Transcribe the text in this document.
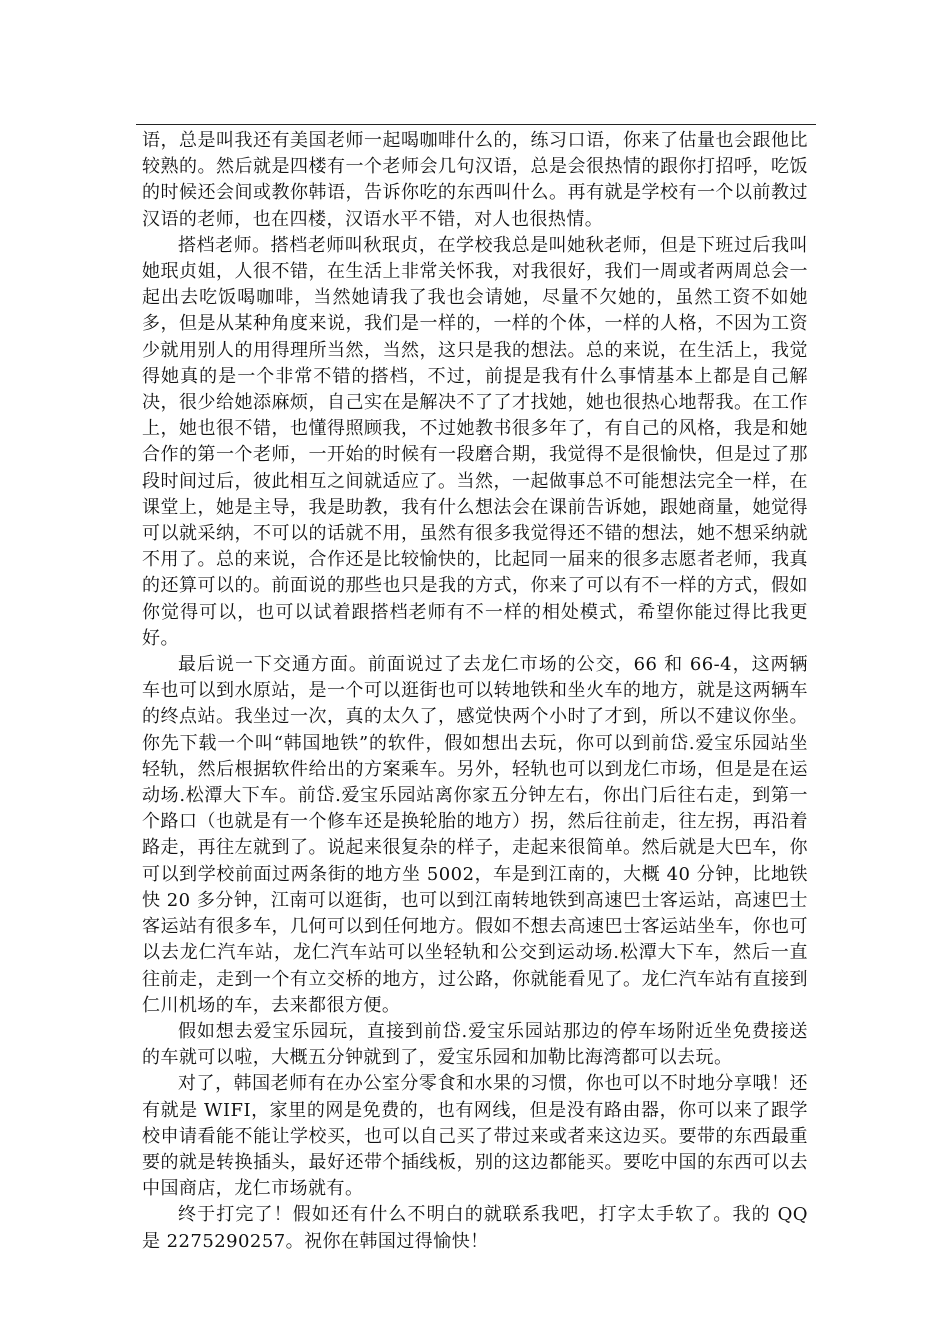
语，总是叫我还有美国老师一起喝咖啡什么的，练习口语，你来了估量也会跟他比较熟的。然后就是四楼有一个老师会几句汉语，总是会很热情的跟你打招呼，吃饭的时候还会间或教你韩语，告诉你吃的东西叫什么。再有就是学校有一个以前教过汉语的老师，也在四楼，汉语水平不错，对人也很热情。

搭档老师。搭档老师叫秋珉贞，在学校我总是叫她秋老师，但是下班过后我叫她珉贞姐，人很不错，在生活上非常关怀我，对我很好，我们一周或者两周总会一起出去吃饭喝咖啡，当然她请我了我也会请她，尽量不欠她的，虽然工资不如她多，但是从某种角度来说，我们是一样的，一样的个体，一样的人格，不因为工资少就用别人的用得理所当然，当然，这只是我的想法。总的来说，在生活上，我觉得她真的是一个非常不错的搭档，不过，前提是我有什么事情基本上都是自己解决，很少给她添麻烦，自己实在是解决不了了才找她，她也很热心地帮我。在工作上，她也很不错，也懂得照顾我，不过她教书很多年了，有自己的风格，我是和她合作的第一个老师，一开始的时候有一段磨合期，我觉得不是很愉快，但是过了那段时间过后，彼此相互之间就适应了。当然，一起做事总不可能想法完全一样，在课堂上，她是主导，我是助教，我有什么想法会在课前告诉她，跟她商量，她觉得可以就采纳，不可以的话就不用，虽然有很多我觉得还不错的想法，她不想采纳就不用了。总的来说，合作还是比较愉快的，比起同一届来的很多志愿者老师，我真的还算可以的。前面说的那些也只是我的方式，你来了可以有不一样的方式，假如你觉得可以，也可以试着跟搭档老师有不一样的相处模式，希望你能过得比我更好。

最后说一下交通方面。前面说过了去龙仁市场的公交，66 和 66-4，这两辆车也可以到水原站，是一个可以逛街也可以转地铁和坐火车的地方，就是这两辆车的终点站。我坐过一次，真的太久了，感觉快两个小时了才到，所以不建议你坐。你先下载一个叫“韩国地铁”的软件，假如想出去玩，你可以到前岱.爱宝乐园站坐轻轨，然后根据软件给出的方案乘车。另外，轻轨也可以到龙仁市场，但是是在运动场.松潭大下车。前岱.爱宝乐园站离你家五分钟左右，你出门后往右走，到第一个路口（也就是有一个修车还是换轮胎的地方）拐，然后往前走，往左拐，再沿着路走，再往左就到了。说起来很复杂的样子，走起来很简单。然后就是大巴车，你可以到学校前面过两条街的地方坐 5002，车是到江南的，大概 40 分钟，比地铁快 20 多分钟，江南可以逛街，也可以到江南转地铁到高速巴士客运站，高速巴士客运站有很多车，几何可以到任何地方。假如不想去高速巴士客运站坐车，你也可以去龙仁汽车站，龙仁汽车站可以坐轻轨和公交到运动场.松潭大下车，然后一直往前走，走到一个有立交桥的地方，过公路，你就能看见了。龙仁汽车站有直接到仁川机场的车，去来都很方便。

假如想去爱宝乐园玩，直接到前岱.爱宝乐园站那边的停车场附近坐免费接送的车就可以啦，大概五分钟就到了，爱宝乐园和加勒比海湾都可以去玩。

对了，韩国老师有在办公室分零食和水果的习惯，你也可以不时地分享哦！还有就是 WIFI，家里的网是免费的，也有网线，但是没有路由器，你可以来了跟学校申请看能不能让学校买，也可以自己买了带过来或者来这边买。要带的东西最重要的就是转换插头，最好还带个插线板，别的这边都能买。要吃中国的东西可以去中国商店，龙仁市场就有。

终于打完了！假如还有什么不明白的就联系我吧，打字太手软了。我的 QQ 是 2275290257。祝你在韩国过得愉快！
